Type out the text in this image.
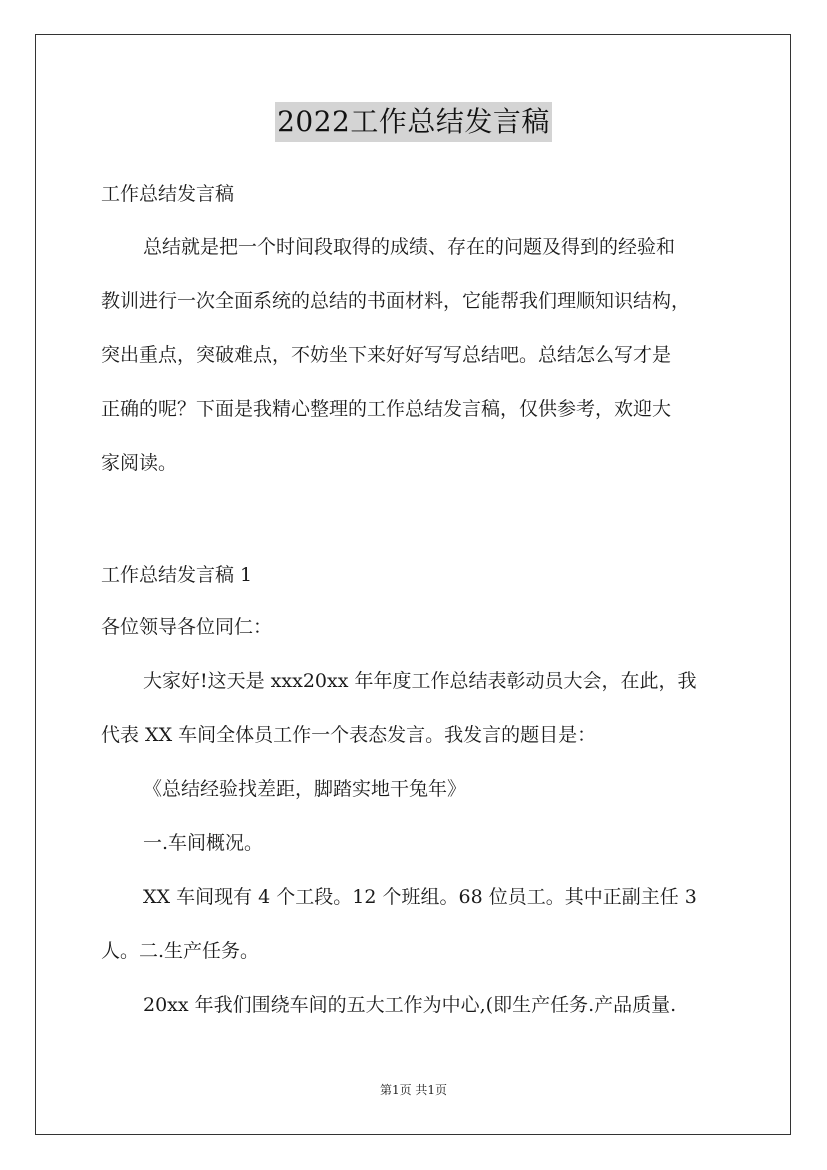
2022工作总结发言稿
工作总结发言稿
总结就是把一个时间段取得的成绩、存在的问题及得到的经验和
教训进行一次全面系统的总结的书面材料，它能帮我们理顺知识结构，
突出重点，突破难点，不妨坐下来好好写写总结吧。总结怎么写才是
正确的呢？下面是我精心整理的工作总结发言稿，仅供参考，欢迎大
家阅读。
工作总结发言稿 1
各位领导各位同仁：
大家好!这天是 xxx20xx 年年度工作总结表彰动员大会，在此，我
代表 XX 车间全体员工作一个表态发言。我发言的题目是：
《总结经验找差距，脚踏实地干兔年》
一.车间概况。
XX 车间现有 4 个工段。12 个班组。68 位员工。其中正副主任 3
人。二.生产任务。
20xx 年我们围绕车间的五大工作为中心,(即生产任务.产品质量.
第1页 共1页
